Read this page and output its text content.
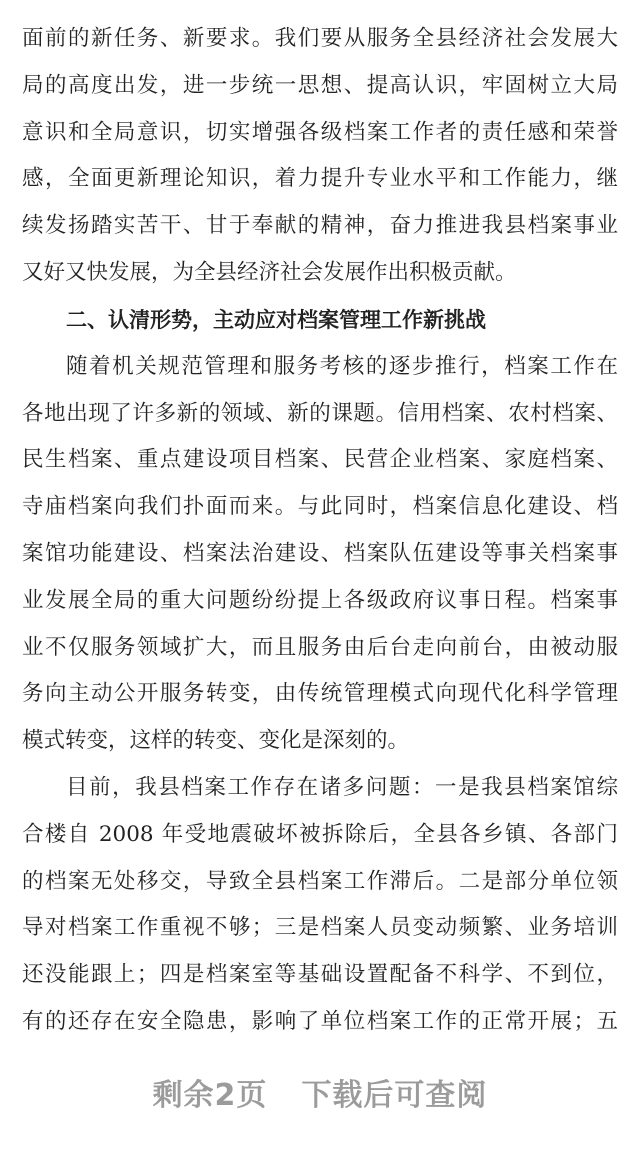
面前的新任务、新要求。我们要从服务全县经济社会发展大
局的高度出发，进一步统一思想、提高认识，牢固树立大局
意识和全局意识，切实增强各级档案工作者的责任感和荣誉
感，全面更新理论知识，着力提升专业水平和工作能力，继
续发扬踏实苦干、甘于奉献的精神，奋力推进我县档案事业
又好又快发展，为全县经济社会发展作出积极贡献。
二、认清形势，主动应对档案管理工作新挑战
随着机关规范管理和服务考核的逐步推行，档案工作在
各地出现了许多新的领域、新的课题。信用档案、农村档案、
民生档案、重点建设项目档案、民营企业档案、家庭档案、
寺庙档案向我们扑面而来。与此同时，档案信息化建设、档
案馆功能建设、档案法治建设、档案队伍建设等事关档案事
业发展全局的重大问题纷纷提上各级政府议事日程。档案事
业不仅服务领域扩大，而且服务由后台走向前台，由被动服
务向主动公开服务转变，由传统管理模式向现代化科学管理
模式转变，这样的转变、变化是深刻的。
目前，我县档案工作存在诸多问题：一是我县档案馆综
合楼自 2008 年受地震破坏被拆除后，全县各乡镇、各部门
的档案无处移交，导致全县档案工作滞后。二是部分单位领
导对档案工作重视不够；三是档案人员变动频繁、业务培训
还没能跟上；四是档案室等基础设置配备不科学、不到位，
有的还存在安全隐患，影响了单位档案工作的正常开展；五
剩余2页 下载后可查阅
